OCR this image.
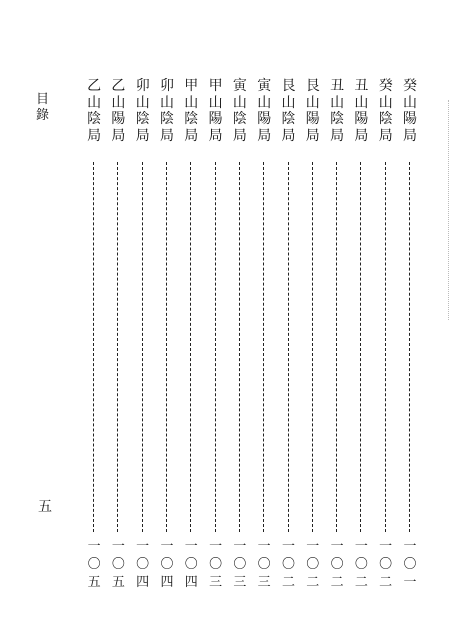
目
錄
五
癸
山
陽
局
一
〇
一
癸
山
陰
局
一
〇
二
丑
山
陽
局
一
〇
二
丑
山
陰
局
一
〇
二
艮
山
陽
局
一
〇
二
艮
山
陰
局
一
〇
二
寅
山
陽
局
一
〇
三
寅
山
陰
局
一
〇
三
甲
山
陽
局
一
〇
三
甲
山
陰
局
一
〇
四
卯
山
陰
局
一
〇
四
卯
山
陰
局
一
〇
四
乙
山
陽
局
一
〇
五
乙
山
陰
局
一
〇
五
